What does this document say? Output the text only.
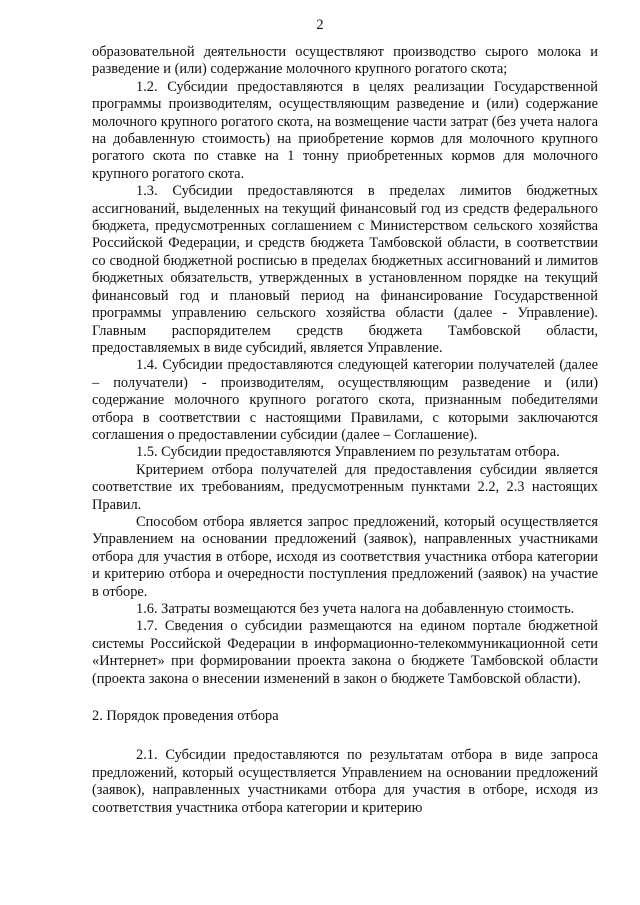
2

образовательной деятельности осуществляют производство сырого молока и разведение и (или) содержание молочного крупного рогатого скота;

1.2. Субсидии предоставляются в целях реализации Государственной программы производителям, осуществляющим разведение и (или) содержание молочного крупного рогатого скота, на возмещение части затрат (без учета налога на добавленную стоимость) на приобретение кормов для молочного крупного рогатого скота по ставке на 1 тонну приобретенных кормов для молочного крупного рогатого скота.

1.3. Субсидии предоставляются в пределах лимитов бюджетных ассигнований, выделенных на текущий финансовый год из средств федерального бюджета, предусмотренных соглашением с Министерством сельского хозяйства Российской Федерации, и средств бюджета Тамбовской области, в соответствии со сводной бюджетной росписью в пределах бюджетных ассигнований и лимитов бюджетных обязательств, утвержденных в установленном порядке на текущий финансовый год и плановый период на финансирование Государственной программы управлению сельского хозяйства области (далее - Управление). Главным распорядителем средств бюджета Тамбовской области, предоставляемых в виде субсидий, является Управление.

1.4. Субсидии предоставляются следующей категории получателей (далее – получатели) - производителям, осуществляющим разведение и (или) содержание молочного крупного рогатого скота, признанным победителями отбора в соответствии с настоящими Правилами, с которыми заключаются соглашения о предоставлении субсидии (далее – Соглашение).

1.5. Субсидии предоставляются Управлением по результатам отбора.

Критерием отбора получателей для предоставления субсидии является соответствие их требованиям, предусмотренным пунктами 2.2, 2.3 настоящих Правил.

Способом отбора является запрос предложений, который осуществляется Управлением на основании предложений (заявок), направленных участниками отбора для участия в отборе, исходя из соответствия участника отбора категории и критерию отбора и очередности поступления предложений (заявок) на участие в отборе.

1.6. Затраты возмещаются без учета налога на добавленную стоимость.

1.7. Сведения о субсидии размещаются на едином портале бюджетной системы Российской Федерации в информационно-телекоммуникационной сети «Интернет» при формировании проекта закона о бюджете Тамбовской области (проекта закона о внесении изменений в закон о бюджете Тамбовской области).

2. Порядок проведения отбора

2.1. Субсидии предоставляются по результатам отбора в виде запроса предложений, который осуществляется Управлением на основании предложений (заявок), направленных участниками отбора для участия в отборе, исходя из соответствия участника отбора категории и критерию
